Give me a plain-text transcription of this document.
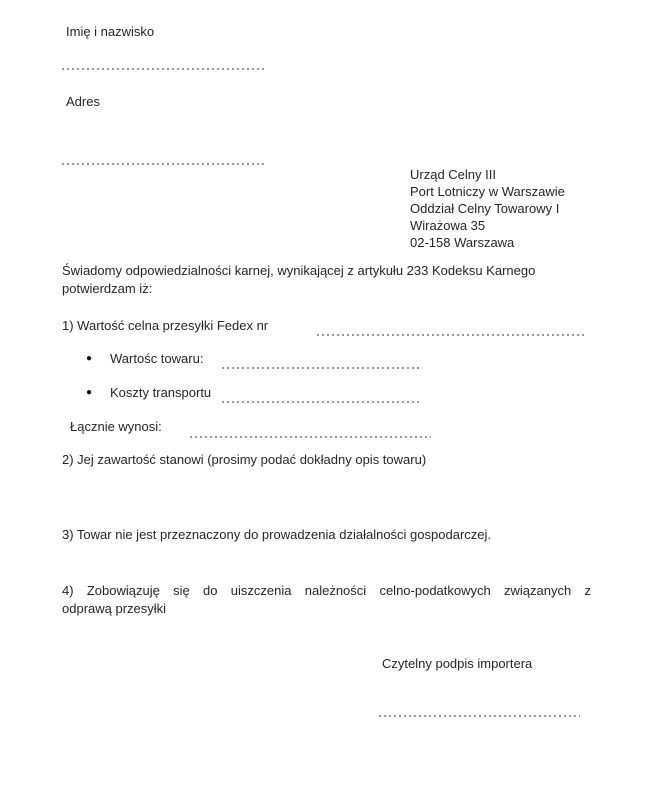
Imię i nazwisko
Adres
Urząd Celny III
Port Lotniczy w Warszawie
Oddział Celny Towarowy I
Wirażowa 35
02-158 Warszawa
Świadomy odpowiedzialności karnej, wynikającej z artykułu 233 Kodeksu Karnego
potwierdzam iż:
1) Wartość celna przesyłki Fedex nr
● Wartośc towaru:
● Koszty transportu
Łącznie wynosi:
2) Jej zawartość stanowi (prosimy podać dokładny opis towaru)
3) Towar nie jest przeznaczony do prowadzenia działalności gospodarczej.
4) Zobowiązuję się do uiszczenia należności celno-podatkowych związanych z
odprawą przesyłki
Czytelny podpis importera
